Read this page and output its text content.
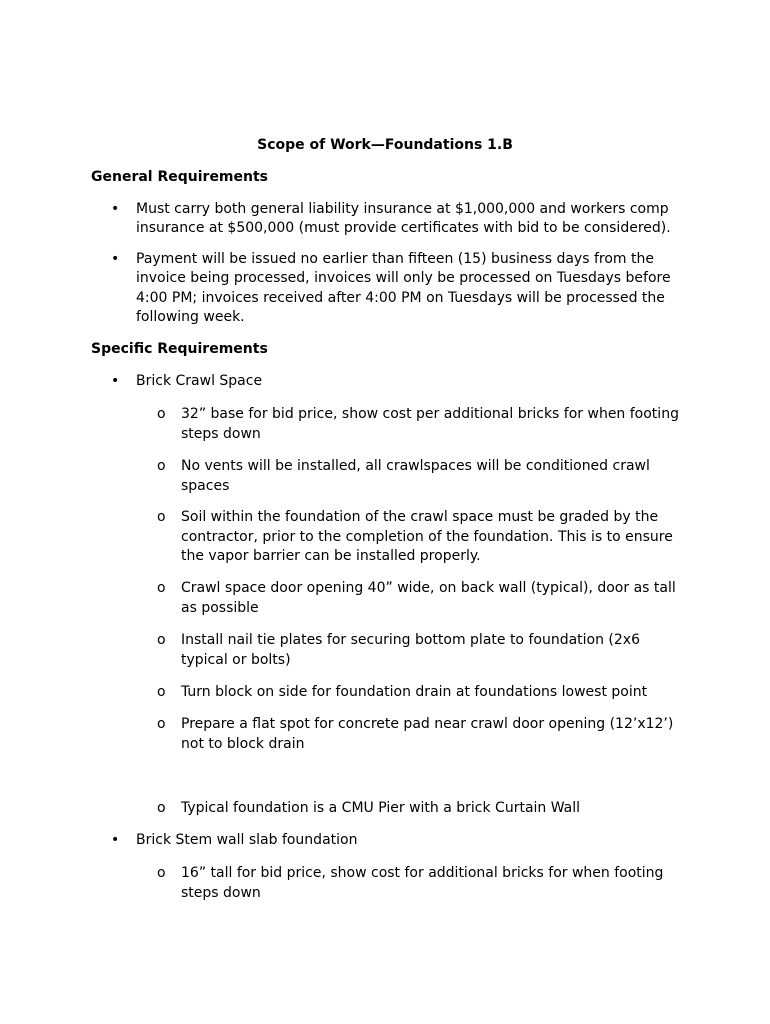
Scope of Work—Foundations 1.B

General Requirements

• Must carry both general liability insurance at $1,000,000 and workers comp insurance at $500,000 (must provide certificates with bid to be considered).
• Payment will be issued no earlier than fifteen (15) business days from the invoice being processed, invoices will only be processed on Tuesdays before 4:00 PM; invoices received after 4:00 PM on Tuesdays will be processed the following week.

Specific Requirements

• Brick Crawl Space
o 32” base for bid price, show cost per additional bricks for when footing steps down
o No vents will be installed, all crawlspaces will be conditioned crawl spaces
o Soil within the foundation of the crawl space must be graded by the contractor, prior to the completion of the foundation. This is to ensure the vapor barrier can be installed properly.
o Crawl space door opening 40” wide, on back wall (typical), door as tall as possible
o Install nail tie plates for securing bottom plate to foundation (2x6 typical or bolts)
o Turn block on side for foundation drain at foundations lowest point
o Prepare a flat spot for concrete pad near crawl door opening (12’x12’) not to block drain
o Typical foundation is a CMU Pier with a brick Curtain Wall
• Brick Stem wall slab foundation
o 16” tall for bid price, show cost for additional bricks for when footing steps down
